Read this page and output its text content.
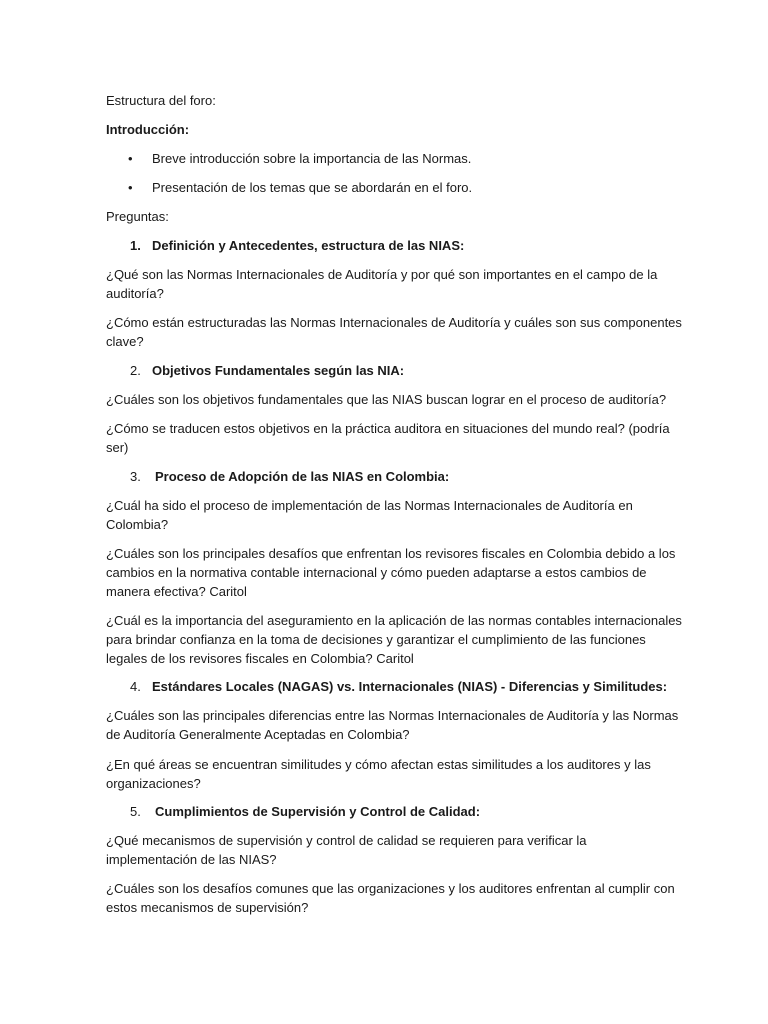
Estructura del foro:
Introducción:
• Breve introducción sobre la importancia de las Normas.
• Presentación de los temas que se abordarán en el foro.
Preguntas:
1. Definición y Antecedentes, estructura de las NIAS:
¿Qué son las Normas Internacionales de Auditoría y por qué son importantes en el campo de la
auditoría?
¿Cómo están estructuradas las Normas Internacionales de Auditoría y cuáles son sus componentes
clave?
2. Objetivos Fundamentales según las NIA:
¿Cuáles son los objetivos fundamentales que las NIAS buscan lograr en el proceso de auditoría?
¿Cómo se traducen estos objetivos en la práctica auditora en situaciones del mundo real? (podría
ser)
3. Proceso de Adopción de las NIAS en Colombia:
¿Cuál ha sido el proceso de implementación de las Normas Internacionales de Auditoría en
Colombia?
¿Cuáles son los principales desafíos que enfrentan los revisores fiscales en Colombia debido a los
cambios en la normativa contable internacional y cómo pueden adaptarse a estos cambios de
manera efectiva? Caritol
¿Cuál es la importancia del aseguramiento en la aplicación de las normas contables internacionales
para brindar confianza en la toma de decisiones y garantizar el cumplimiento de las funciones
legales de los revisores fiscales en Colombia? Caritol
4. Estándares Locales (NAGAS) vs. Internacionales (NIAS) - Diferencias y Similitudes:
¿Cuáles son las principales diferencias entre las Normas Internacionales de Auditoría y las Normas
de Auditoría Generalmente Aceptadas en Colombia?
¿En qué áreas se encuentran similitudes y cómo afectan estas similitudes a los auditores y las
organizaciones?
5. Cumplimientos de Supervisión y Control de Calidad:
¿Qué mecanismos de supervisión y control de calidad se requieren para verificar la
implementación de las NIAS?
¿Cuáles son los desafíos comunes que las organizaciones y los auditores enfrentan al cumplir con
estos mecanismos de supervisión?
